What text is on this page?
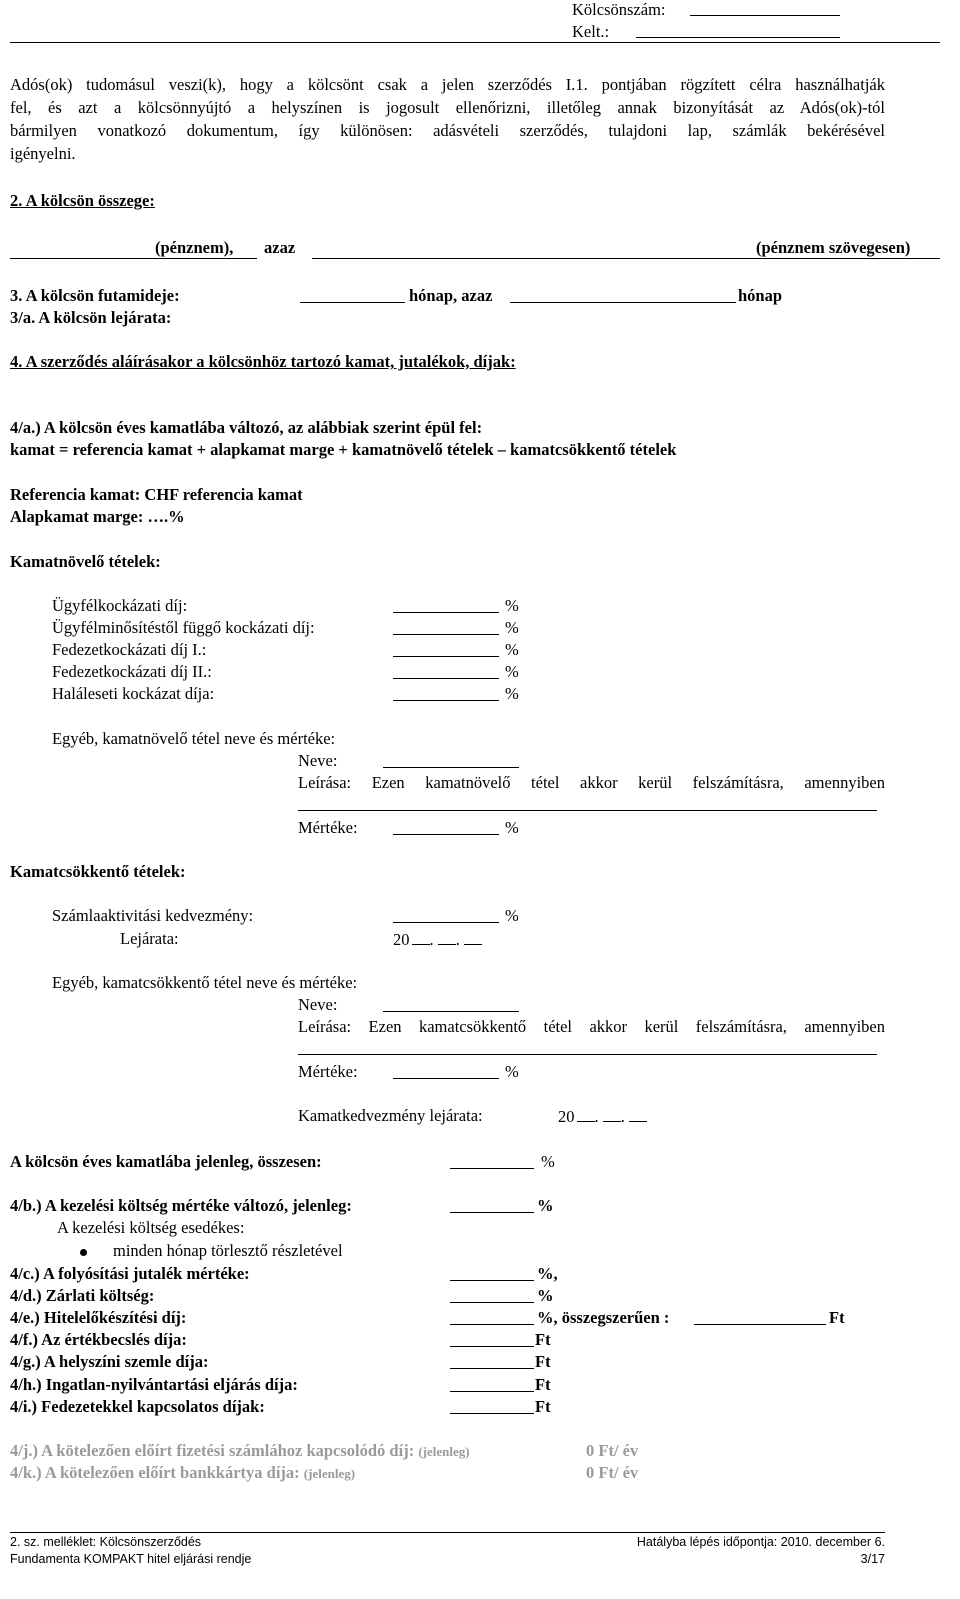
Kölcsönszám:
Kelt.:
Adós(ok) tudomásul veszi(k), hogy a kölcsönt csak a jelen szerződés I.1. pontjában rögzített célra használhatják
fel, és azt a kölcsönnyújtó a helyszínen is jogosult ellenőrizni, illetőleg annak bizonyítását az Adós(ok)-tól
bármilyen vonatkozó dokumentum, így különösen: adásvételi szerződés, tulajdoni lap, számlák bekérésével
igényelni.
2. A kölcsön összege:
(pénznem), azaz	(pénznem szövegesen)
3. A kölcsön futamideje:	hónap, azaz	hónap
3/a. A kölcsön lejárata:
4. A szerződés aláírásakor a kölcsönhöz tartozó kamat, jutalékok, díjak:
4/a.) A kölcsön éves kamatlába változó, az alábbiak szerint épül fel:
kamat = referencia kamat + alapkamat marge + kamatnövelő tételek – kamatcsökkentő tételek
Referencia kamat: CHF referencia kamat
Alapkamat marge: ….%
Kamatnövelő tételek:
Ügyfélkockázati díj:	%
Ügyfélminősítéstől függő kockázati díj:	%
Fedezetkockázati díj I.:	%
Fedezetkockázati díj II.:	%
Haláleseti kockázat díja:	%
Egyéb, kamatnövelő tétel neve és mértéke:
Neve:
Leírása: Ezen kamatnövelő tétel akkor kerül felszámításra, amennyiben
Mértéke:	%
Kamatcsökkentő tételek:
Számlaaktivitási kedvezmény:	%
Lejárata:	20 . .
Egyéb, kamatcsökkentő tétel neve és mértéke:
Neve:
Leírása: Ezen kamatcsökkentő tétel akkor kerül felszámításra, amennyiben
Mértéke:	%
Kamatkedvezmény lejárata:	20 . .
A kölcsön éves kamatlába jelenleg, összesen:	%
4/b.) A kezelési költség mértéke változó, jelenleg:	%
A kezelési költség esedékes:
minden hónap törlesztő részletével
4/c.) A folyósítási jutalék mértéke:	%,
4/d.) Zárlati költség:	%
4/e.) Hitelelőkészítési díj:	%, összegszerűen :	Ft
4/f.) Az értékbecslés díja:	Ft
4/g.) A helyszíni szemle díja:	Ft
4/h.) Ingatlan-nyilvántartási eljárás díja:	Ft
4/i.) Fedezetekkel kapcsolatos díjak:	Ft
4/j.) A kötelezően előírt fizetési számlához kapcsolódó díj: (jelenleg)	0 Ft/ év
4/k.) A kötelezően előírt bankkártya díja: (jelenleg)	0 Ft/ év
2. sz. melléklet: Kölcsönszerződés	Hatályba lépés időpontja: 2010. december 6.
Fundamenta KOMPAKT hitel eljárási rendje	3/17
